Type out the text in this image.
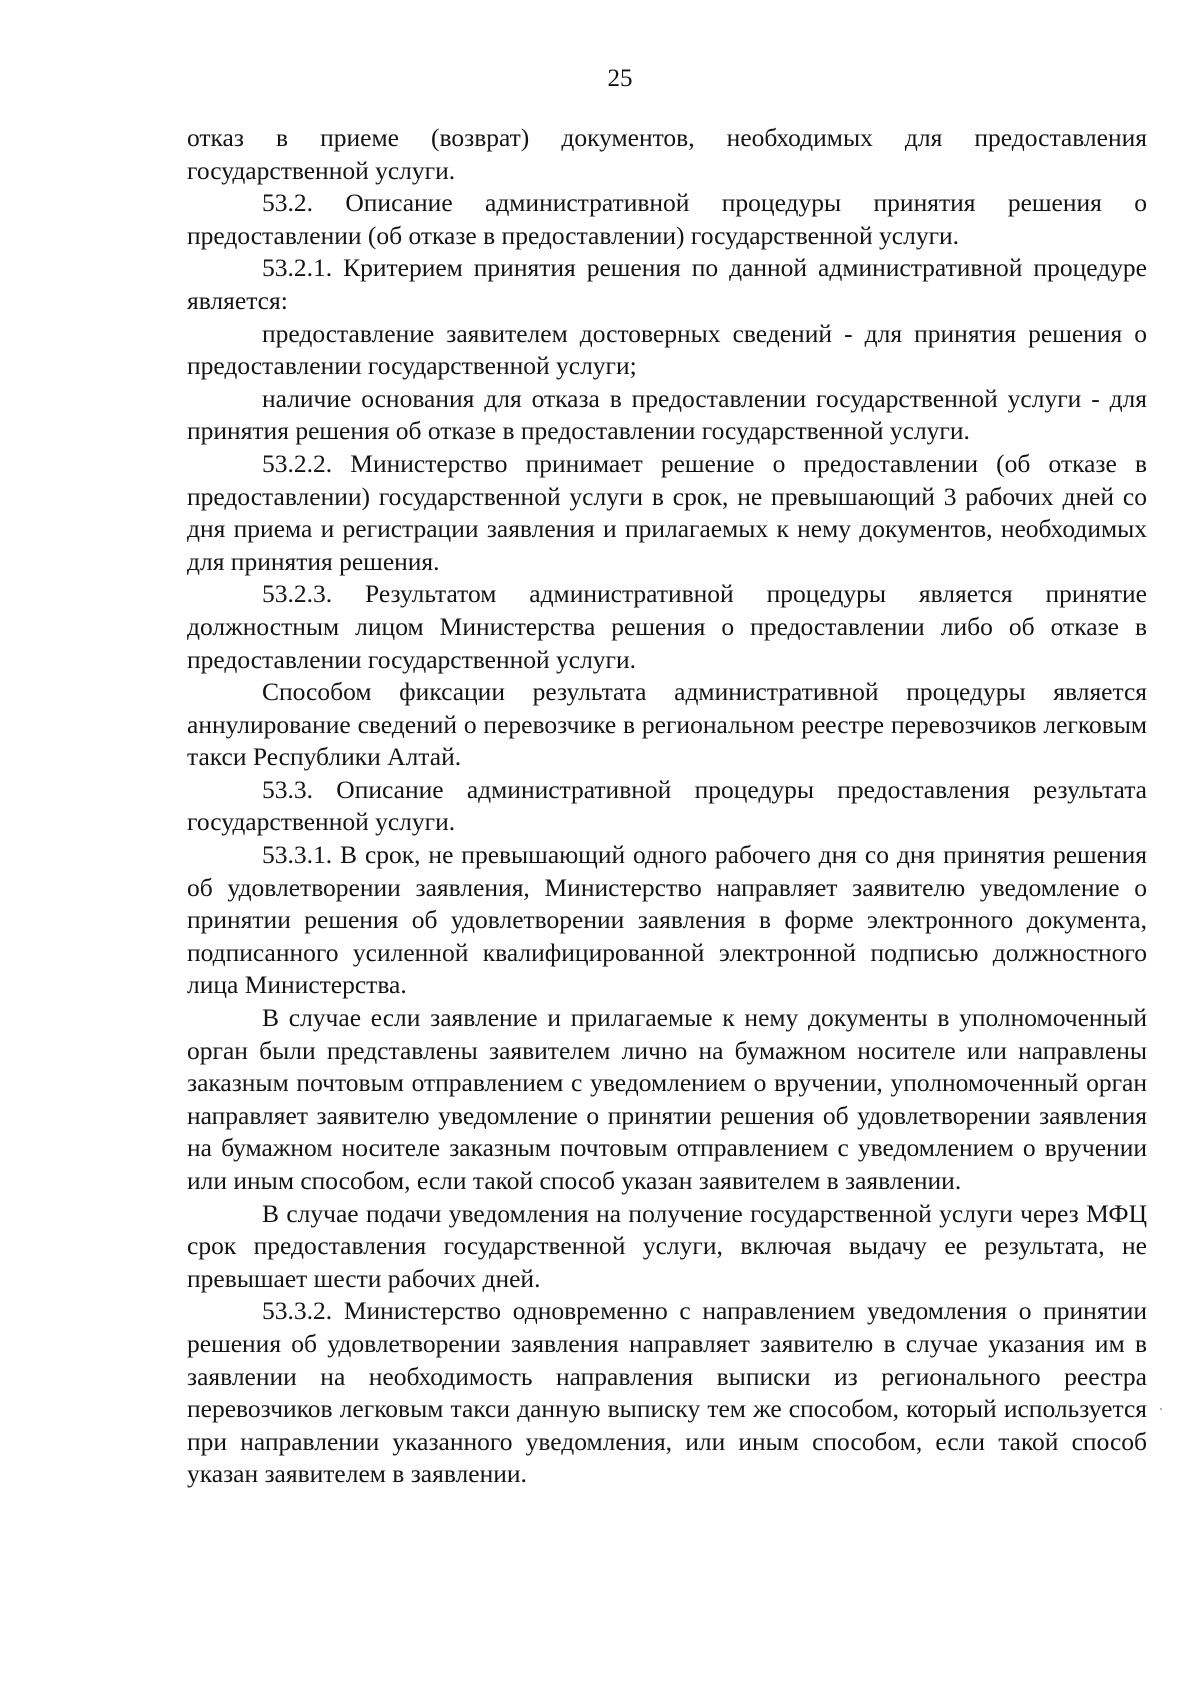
25

отказ в приеме (возврат) документов, необходимых для предоставления государственной услуги.

53.2. Описание административной процедуры принятия решения о предоставлении (об отказе в предоставлении) государственной услуги.

53.2.1. Критерием принятия решения по данной административной процедуре является:

предоставление заявителем достоверных сведений - для принятия решения о предоставлении государственной услуги;

наличие основания для отказа в предоставлении государственной услуги - для принятия решения об отказе в предоставлении государственной услуги.

53.2.2. Министерство принимает решение о предоставлении (об отказе в предоставлении) государственной услуги в срок, не превышающий 3 рабочих дней со дня приема и регистрации заявления и прилагаемых к нему документов, необходимых для принятия решения.

53.2.3. Результатом административной процедуры является принятие должностным лицом Министерства решения о предоставлении либо об отказе в предоставлении государственной услуги.

Способом фиксации результата административной процедуры является аннулирование сведений о перевозчике в региональном реестре перевозчиков легковым такси Республики Алтай.

53.3. Описание административной процедуры предоставления результата государственной услуги.

53.3.1. В срок, не превышающий одного рабочего дня со дня принятия решения об удовлетворении заявления, Министерство направляет заявителю уведомление о принятии решения об удовлетворении заявления в форме электронного документа, подписанного усиленной квалифицированной электронной подписью должностного лица Министерства.

В случае если заявление и прилагаемые к нему документы в уполномоченный орган были представлены заявителем лично на бумажном носителе или направлены заказным почтовым отправлением с уведомлением о вручении, уполномоченный орган направляет заявителю уведомление о принятии решения об удовлетворении заявления на бумажном носителе заказным почтовым отправлением с уведомлением о вручении или иным способом, если такой способ указан заявителем в заявлении.

В случае подачи уведомления на получение государственной услуги через МФЦ срок предоставления государственной услуги, включая выдачу ее результата, не превышает шести рабочих дней.

53.3.2. Министерство одновременно с направлением уведомления о принятии решения об удовлетворении заявления направляет заявителю в случае указания им в заявлении на необходимость направления выписки из регионального реестра перевозчиков легковым такси данную выписку тем же способом, который используется при направлении указанного уведомления, или иным способом, если такой способ указан заявителем в заявлении.
